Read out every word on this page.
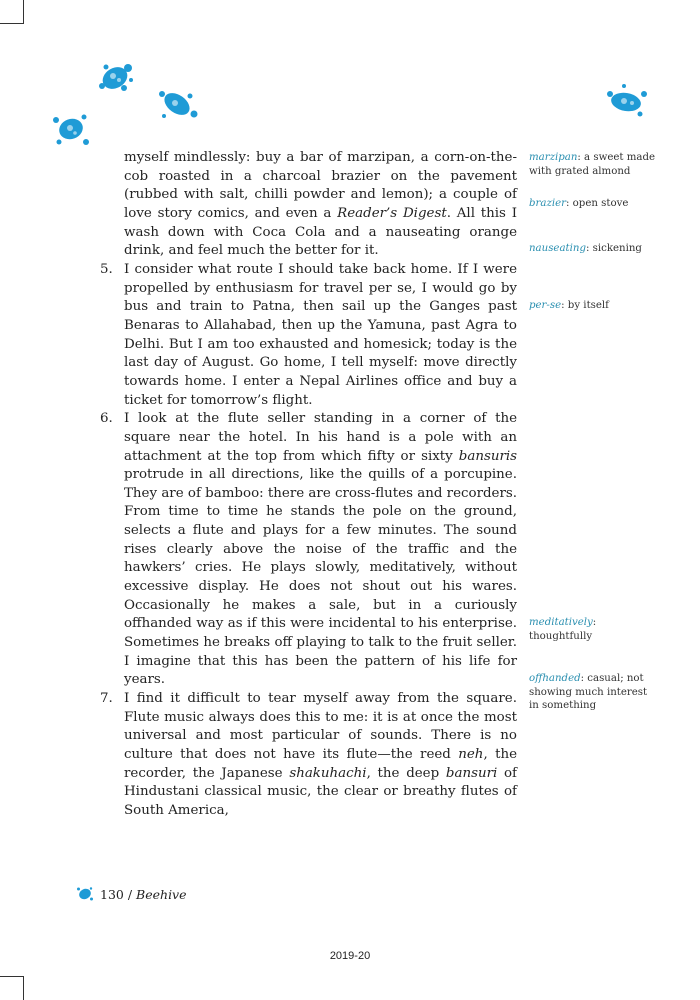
myself mindlessly: buy a bar of marzipan, a corn-on-the-cob roasted in a charcoal brazier on the pavement (rubbed with salt, chilli powder and lemon); a couple of love story comics, and even a Reader’s Digest. All this I wash down with Coca Cola and a nauseating orange drink, and feel much the better for it.

5. I consider what route I should take back home. If I were propelled by enthusiasm for travel per se, I would go by bus and train to Patna, then sail up the Ganges past Benaras to Allahabad, then up the Yamuna, past Agra to Delhi. But I am too exhausted and homesick; today is the last day of August. Go home, I tell myself: move directly towards home. I enter a Nepal Airlines office and buy a ticket for tomorrow’s flight.

6. I look at the flute seller standing in a corner of the square near the hotel. In his hand is a pole with an attachment at the top from which fifty or sixty bansuris protrude in all directions, like the quills of a porcupine. They are of bamboo: there are cross-flutes and recorders. From time to time he stands the pole on the ground, selects a flute and plays for a few minutes. The sound rises clearly above the noise of the traffic and the hawkers’ cries. He plays slowly, meditatively, without excessive display. He does not shout out his wares. Occasionally he makes a sale, but in a curiously offhanded way as if this were incidental to his enterprise. Sometimes he breaks off playing to talk to the fruit seller. I imagine that this has been the pattern of his life for years.

7. I find it difficult to tear myself away from the square. Flute music always does this to me: it is at once the most universal and most particular of sounds. There is no culture that does not have its flute—the reed neh, the recorder, the Japanese shakuhachi, the deep bansuri of Hindustani classical music, the clear or breathy flutes of South America,

marzipan: a sweet made with grated almond
brazier: open stove
nauseating: sickening
per-se: by itself
meditatively: thoughtfully
offhanded: casual; not showing much interest in something
130 / Beehive
2019-20
